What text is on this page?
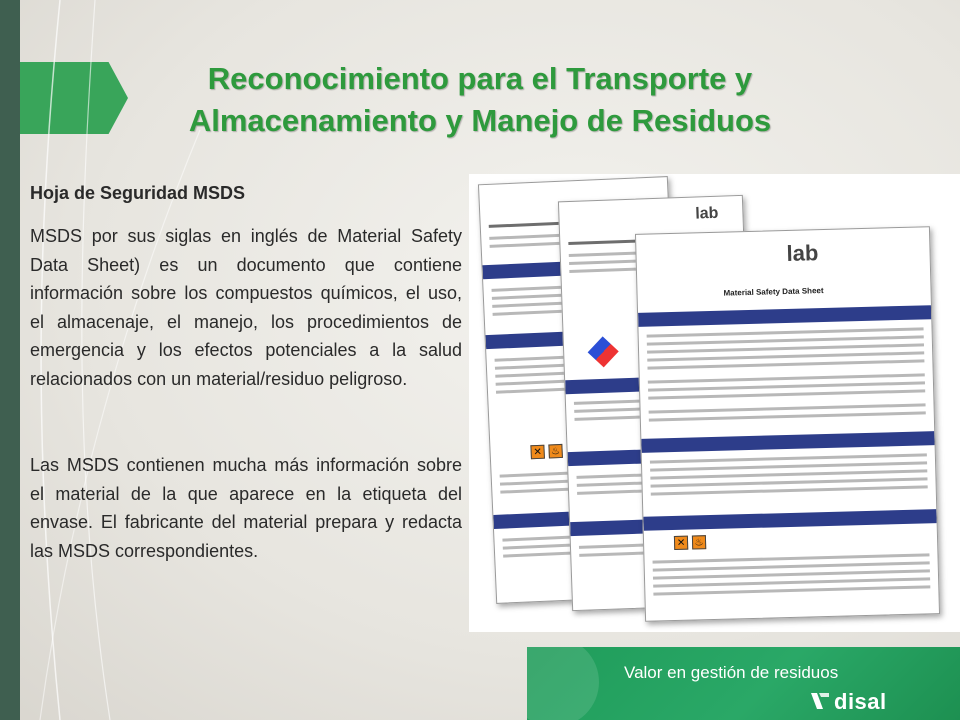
Reconocimiento para el Transporte y
Almacenamiento y Manejo de Residuos
Hoja de Seguridad MSDS

MSDS por sus siglas en inglés de Material Safety Data Sheet) es un documento que contiene información sobre los compuestos químicos, el uso, el almacenaje, el manejo, los procedimientos de emergencia y los efectos potenciales a la salud relacionados con un material/residuo peligroso.

Las MSDS contienen mucha más información sobre el material de la que aparece en la etiqueta del envase. El fabricante del material prepara y redacta las MSDS correspondientes.

✕ ♨
lab
lab
Material Safety Data Sheet
✕ ♨
Valor en gestión de residuos
disal
